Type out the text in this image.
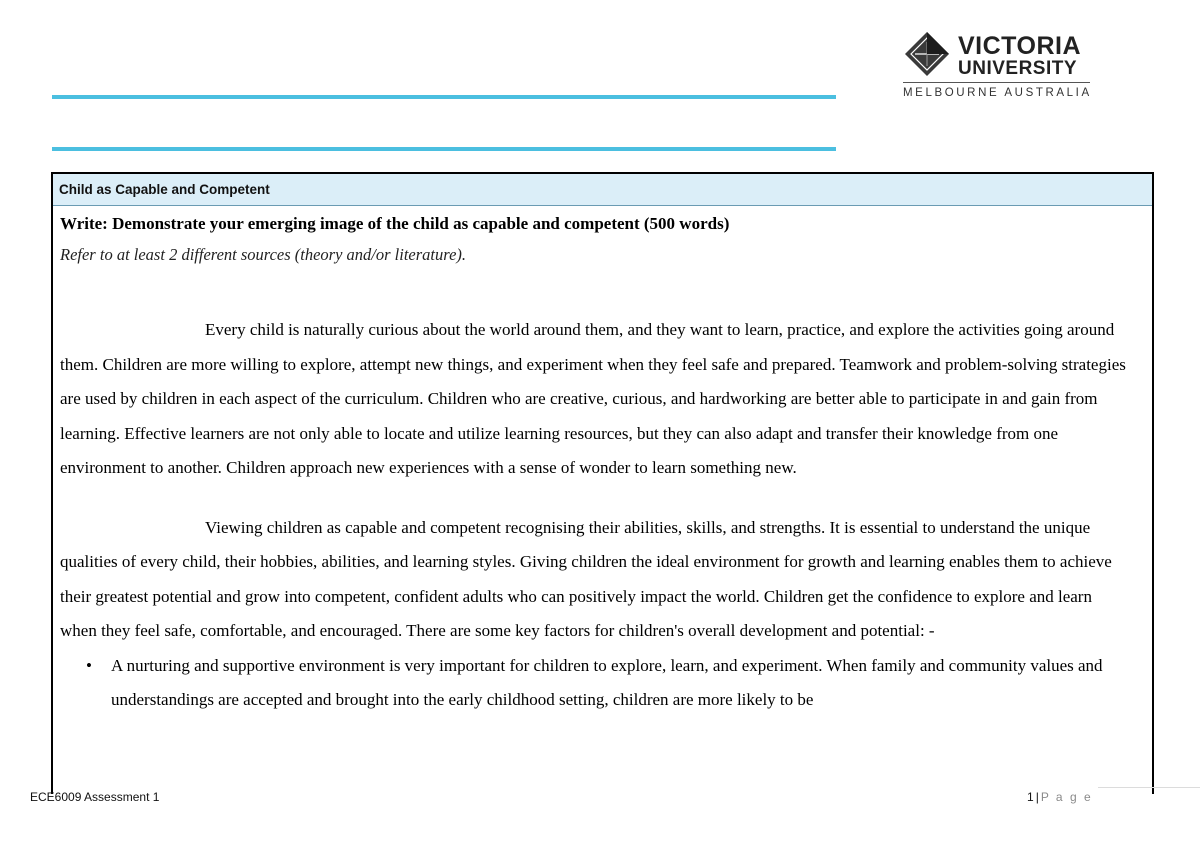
VICTORIA
UNIVERSITY
MELBOURNE AUSTRALIA
Child as Capable and Competent

Write: Demonstrate your emerging image of the child as capable and competent (500 words)

Refer to at least 2 different sources (theory and/or literature).

Every child is naturally curious about the world around them, and they want to learn, practice, and explore the activities going around them. Children are more willing to explore, attempt new things, and experiment when they feel safe and prepared. Teamwork and problem-solving strategies are used by children in each aspect of the curriculum. Children who are creative, curious, and hardworking are better able to participate in and gain from learning. Effective learners are not only able to locate and utilize learning resources, but they can also adapt and transfer their knowledge from one environment to another. Children approach new experiences with a sense of wonder to learn something new.

Viewing children as capable and competent recognising their abilities, skills, and strengths. It is essential to understand the unique qualities of every child, their hobbies, abilities, and learning styles. Giving children the ideal environment for growth and learning enables them to achieve their greatest potential and grow into competent, confident adults who can positively impact the world. Children get the confidence to explore and learn when they feel safe, comfortable, and encouraged. There are some key factors for children's overall development and potential: -

• A nurturing and supportive environment is very important for children to explore, learn, and experiment. When family and community values and understandings are accepted and brought into the early childhood setting, children are more likely to be
ECE6009 Assessment 1	1 | P a g e
